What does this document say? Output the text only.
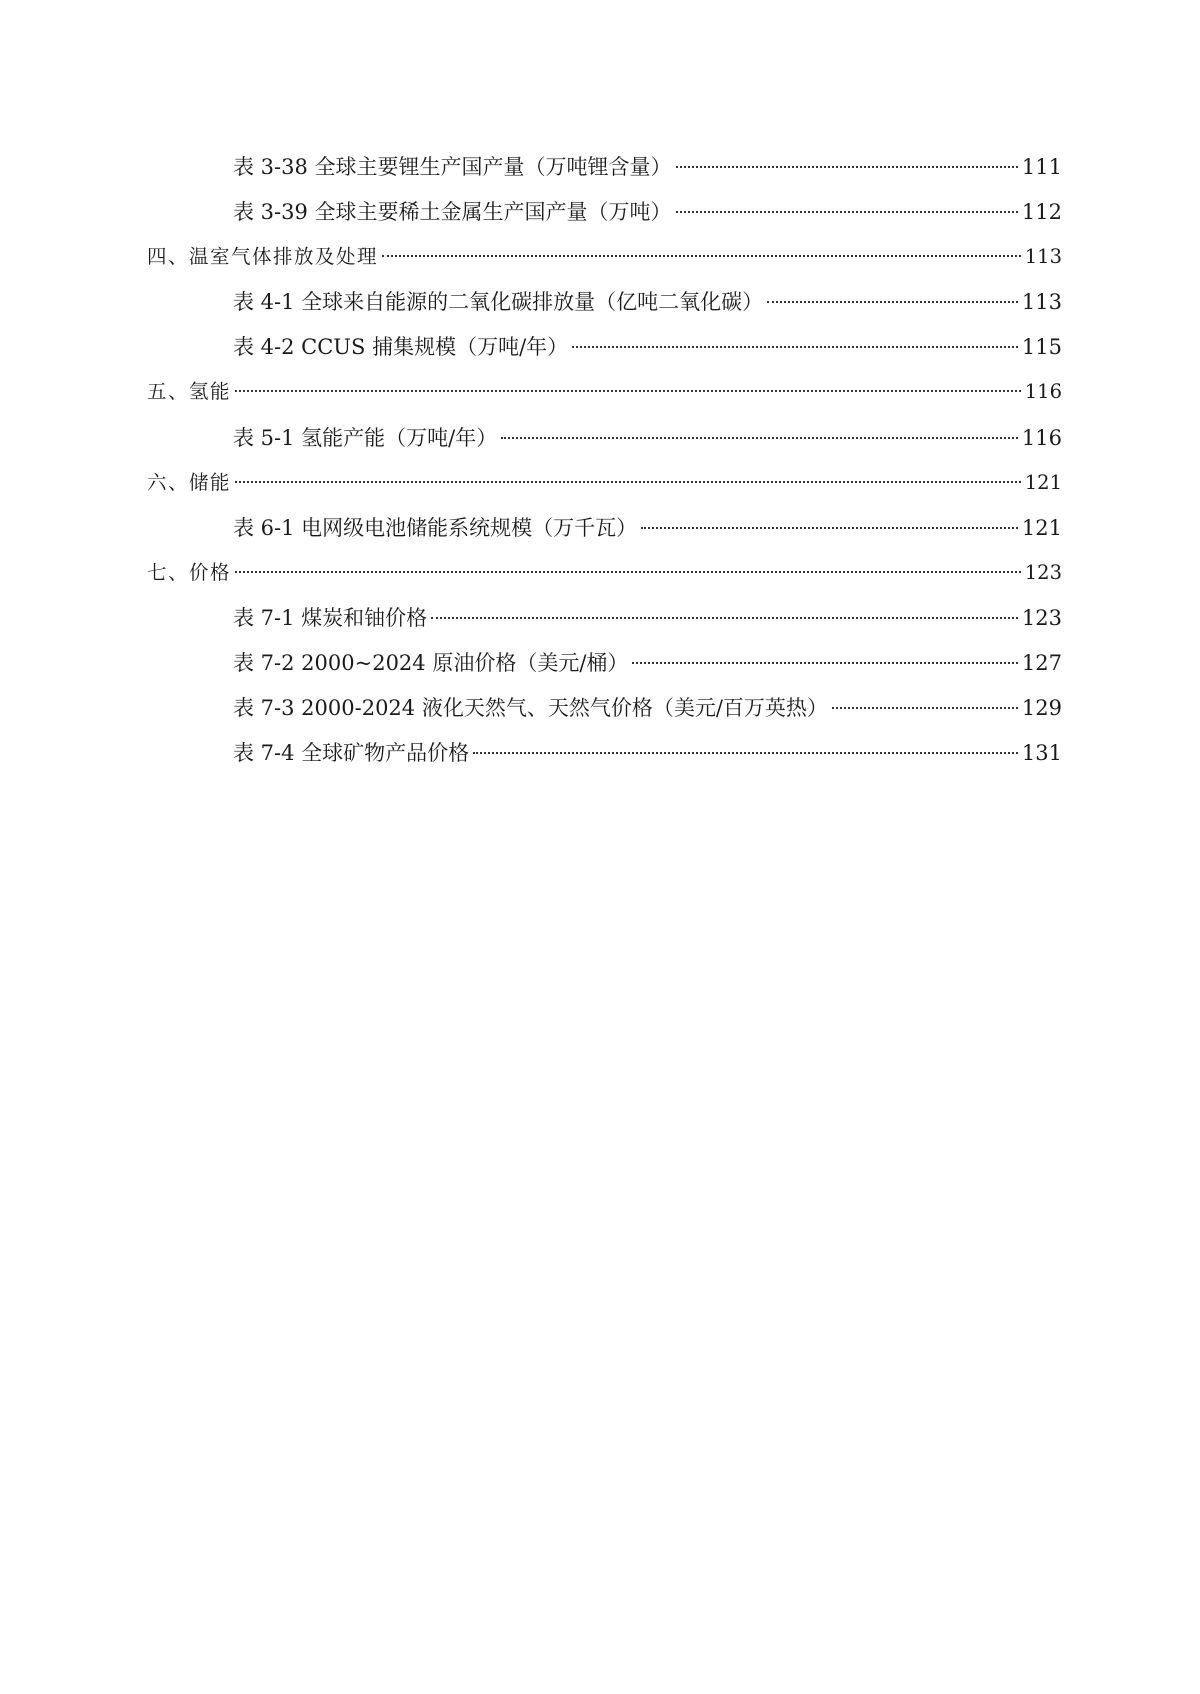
表 3-38 全球主要锂生产国产量（万吨锂含量）	111
表 3-39 全球主要稀土金属生产国产量（万吨）	112
四、温室气体排放及处理	113
表 4-1 全球来自能源的二氧化碳排放量（亿吨二氧化碳）	113
表 4-2 CCUS 捕集规模（万吨/年）	115
五、氢能	116
表 5-1 氢能产能（万吨/年）	116
六、储能	121
表 6-1 电网级电池储能系统规模（万千瓦）	121
七、价格	123
表 7-1 煤炭和铀价格	123
表 7-2 2000~2024 原油价格（美元/桶）	127
表 7-3 2000-2024 液化天然气、天然气价格（美元/百万英热）	129
表 7-4 全球矿物产品价格	131
